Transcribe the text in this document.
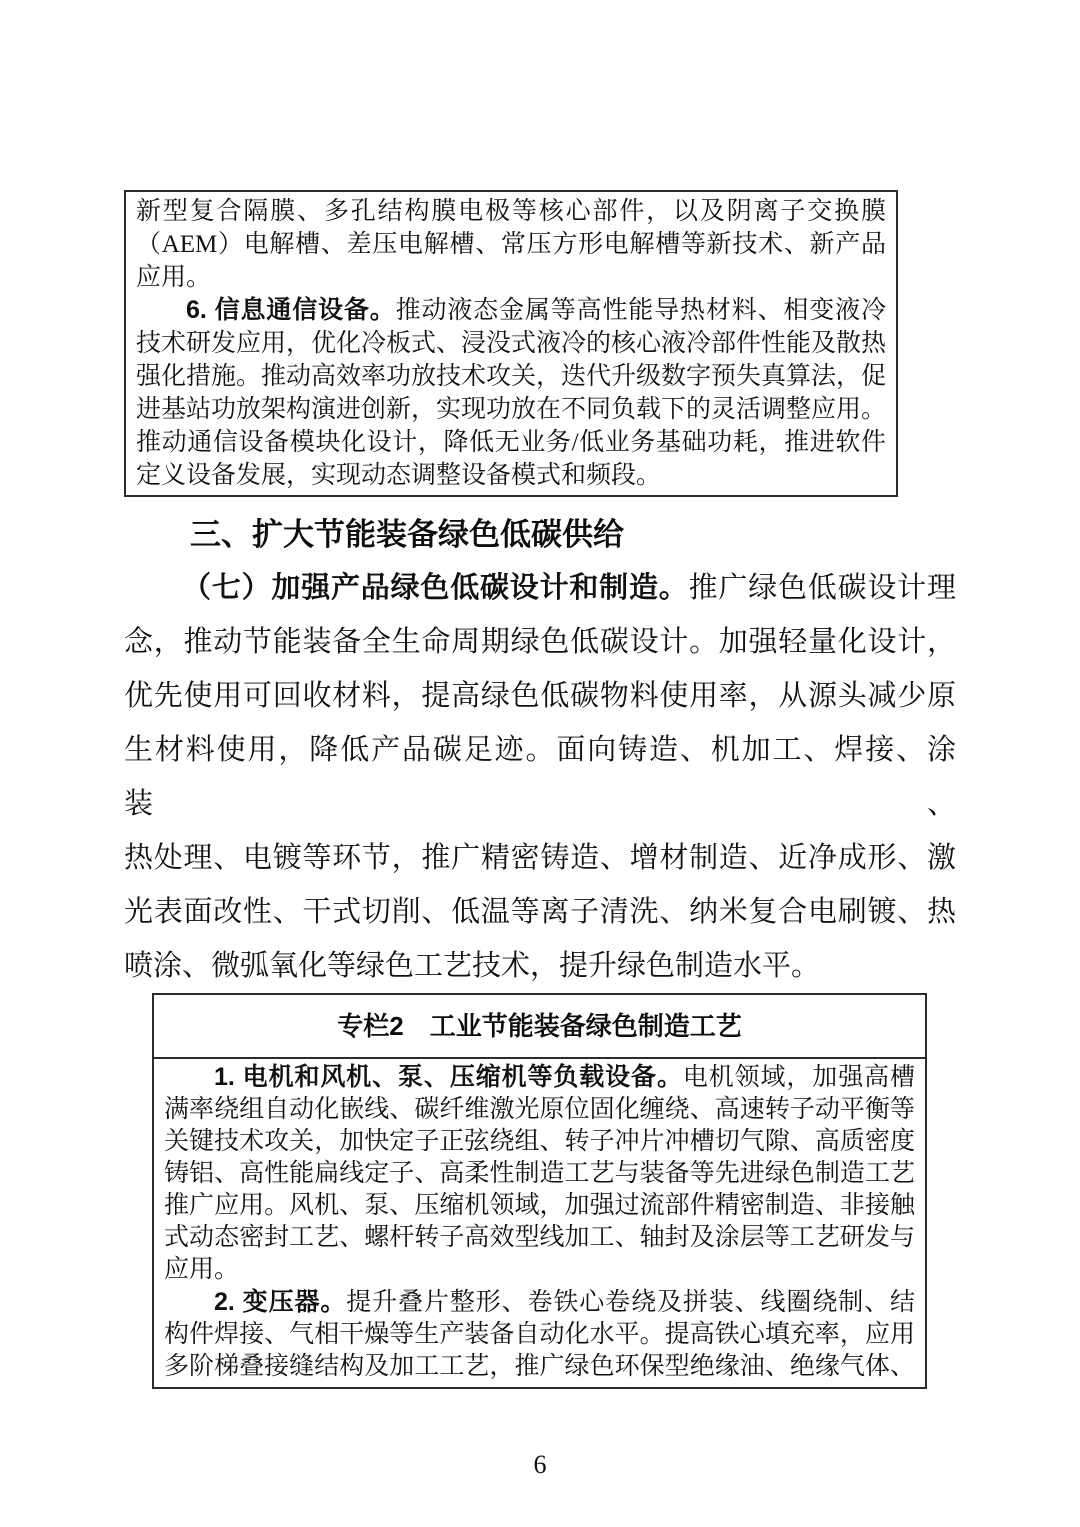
新型复合隔膜、多孔结构膜电极等核心部件，以及阴离子交换膜
（AEM）电解槽、差压电解槽、常压方形电解槽等新技术、新产品
应用。
6. 信息通信设备。推动液态金属等高性能导热材料、相变液冷
技术研发应用，优化冷板式、浸没式液冷的核心液冷部件性能及散热
强化措施。推动高效率功放技术攻关，迭代升级数字预失真算法，促
进基站功放架构演进创新，实现功放在不同负载下的灵活调整应用。
推动通信设备模块化设计，降低无业务/低业务基础功耗，推进软件
定义设备发展，实现动态调整设备模式和频段。
三、扩大节能装备绿色低碳供给
（七）加强产品绿色低碳设计和制造。推广绿色低碳设计理
念，推动节能装备全生命周期绿色低碳设计。加强轻量化设计，
优先使用可回收材料，提高绿色低碳物料使用率，从源头减少原
生材料使用，降低产品碳足迹。面向铸造、机加工、焊接、涂装、
热处理、电镀等环节，推广精密铸造、增材制造、近净成形、激
光表面改性、干式切削、低温等离子清洗、纳米复合电刷镀、热
喷涂、微弧氧化等绿色工艺技术，提升绿色制造水平。
专栏2　工业节能装备绿色制造工艺
1. 电机和风机、泵、压缩机等负载设备。电机领域，加强高槽
满率绕组自动化嵌线、碳纤维激光原位固化缠绕、高速转子动平衡等
关键技术攻关，加快定子正弦绕组、转子冲片冲槽切气隙、高质密度
铸铝、高性能扁线定子、高柔性制造工艺与装备等先进绿色制造工艺
推广应用。风机、泵、压缩机领域，加强过流部件精密制造、非接触
式动态密封工艺、螺杆转子高效型线加工、轴封及涂层等工艺研发与
应用。
2. 变压器。提升叠片整形、卷铁心卷绕及拼装、线圈绕制、结
构件焊接、气相干燥等生产装备自动化水平。提高铁心填充率，应用
多阶梯叠接缝结构及加工工艺，推广绿色环保型绝缘油、绝缘气体、
6
